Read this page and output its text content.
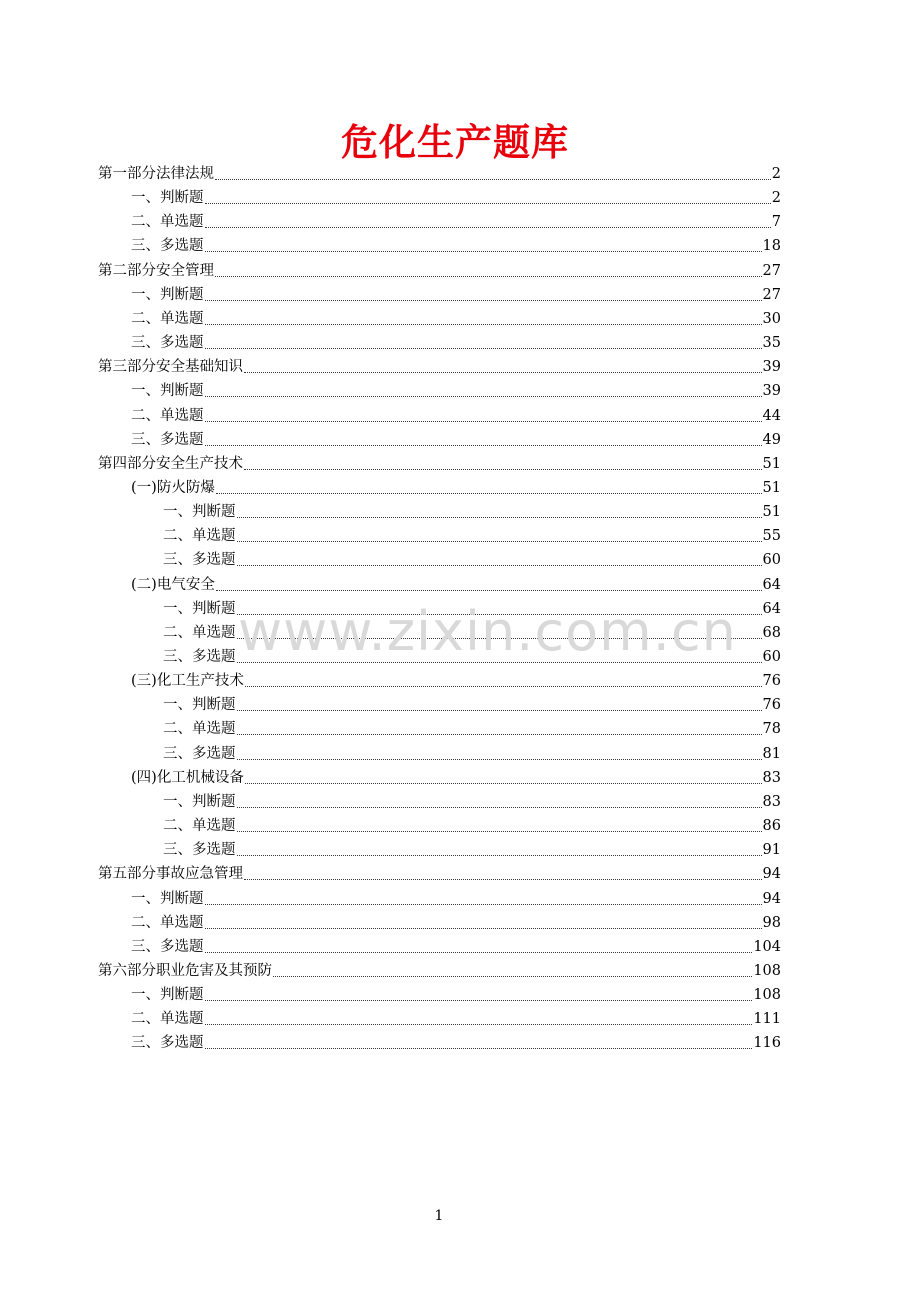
危化生产题库
第一部分法律法规	2
一、判断题	2
二、单选题	7
三、多选题	18
第二部分安全管理	27
一、判断题	27
二、单选题	30
三、多选题	35
第三部分安全基础知识	39
一、判断题	39
二、单选题	44
三、多选题	49
第四部分安全生产技术	51
(一)防火防爆	51
一、判断题	51
二、单选题	55
三、多选题	60
(二)电气安全	64
一、判断题	64
二、单选题	68
三、多选题	60
(三)化工生产技术	76
一、判断题	76
二、单选题	78
三、多选题	81
(四)化工机械设备	83
一、判断题	83
二、单选题	86
三、多选题	91
第五部分事故应急管理	94
一、判断题	94
二、单选题	98
三、多选题	104
第六部分职业危害及其预防	108
一、判断题	108
二、单选题	111
三、多选题	116
www.zixin.com.cn
1
